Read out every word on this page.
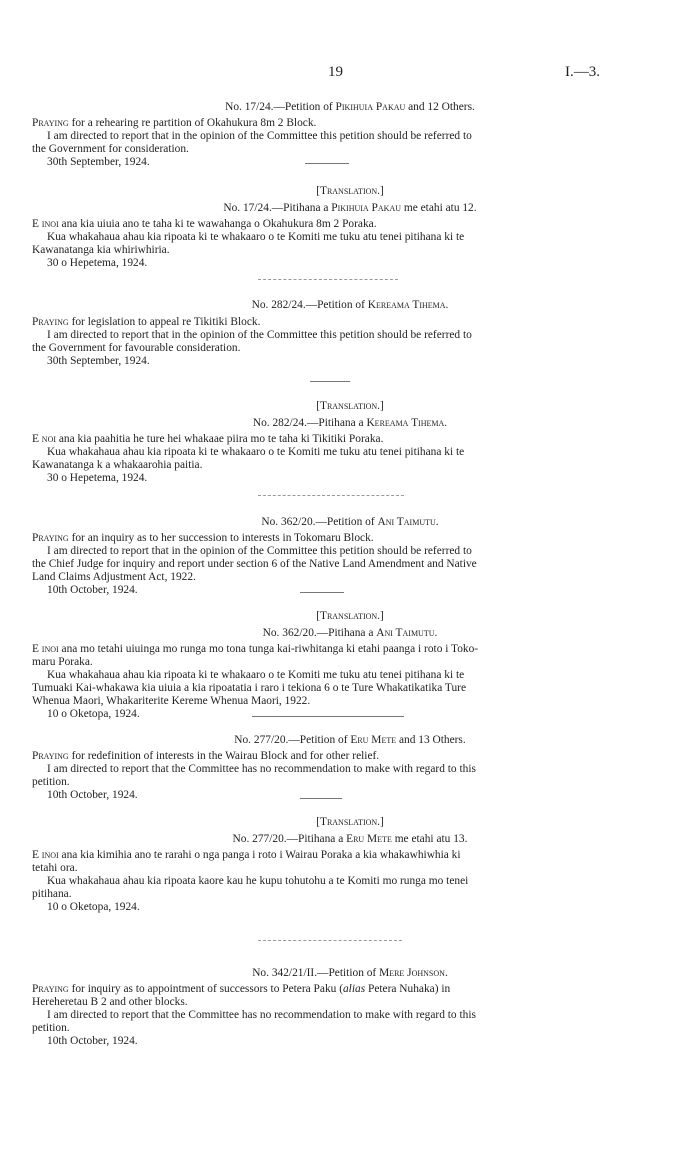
19	I.—3.
No. 17/24.—Petition of Pikihuia Pakau and 12 Others.
Praying for a rehearing re partition of Okahukura 8m 2 Block.
I am directed to report that in the opinion of the Committee this petition should be referred to
the Government for consideration.
30th September, 1924.
[Translation.]
No. 17/24.—Pitihana a Pikihuia Pakau me etahi atu 12.
E inoi ana kia uiuia ano te taha ki te wawahanga o Okahukura 8m 2 Poraka.
Kua whakahaua ahau kia ripoata ki te whakaaro o te Komiti me tuku atu tenei pitihana ki te
Kawanatanga kia whiriwhiria.
30 o Hepetema, 1924.
No. 282/24.—Petition of Kereama Tihema.
Praying for legislation to appeal re Tikitiki Block.
I am directed to report that in the opinion of the Committee this petition should be referred to
the Government for favourable consideration.
30th September, 1924.
[Translation.]
No. 282/24.—Pitihana a Kereama Tihema.
E noi ana kia paahitia he ture hei whakaae piira mo te taha ki Tikitiki Poraka.
Kua whakahaua ahau kia ripoata ki te whakaaro o te Komiti me tuku atu tenei pitihana ki te
Kawanatanga k a whakaarohia paitia.
30 o Hepetema, 1924.
No. 362/20.—Petition of Ani Taimutu.
Praying for an inquiry as to her succession to interests in Tokomaru Block.
I am directed to report that in the opinion of the Committee this petition should be referred to
the Chief Judge for inquiry and report under section 6 of the Native Land Amendment and Native
Land Claims Adjustment Act, 1922.
10th October, 1924.
[Translation.]
No. 362/20.—Pitihana a Ani Taimutu.
E inoi ana mo tetahi uiuinga mo runga mo tona tunga kai-riwhitanga ki etahi paanga i roto i Toko-
maru Poraka.
Kua whakahaua ahau kia ripoata ki te whakaaro o te Komiti me tuku atu tenei pitihana ki te
Tumuaki Kai-whakawa kia uiuia a kia ripoatatia i raro i tekiona 6 o te Ture Whakatikatika Ture
Whenua Maori, Whakariterite Kereme Whenua Maori, 1922.
10 o Oketopa, 1924.
No. 277/20.—Petition of Eru Mete and 13 Others.
Praying for redefinition of interests in the Wairau Block and for other relief.
I am directed to report that the Committee has no recommendation to make with regard to this
petition.
10th October, 1924.
[Translation.]
No. 277/20.—Pitihana a Eru Mete me etahi atu 13.
E inoi ana kia kimihia ano te rarahi o nga panga i roto i Wairau Poraka a kia whakawhiwhia ki
tetahi ora.
Kua whakahaua ahau kia ripoata kaore kau he kupu tohutohu a te Komiti mo runga mo tenei
pitihana.
10 o Oketopa, 1924.
No. 342/21/II.—Petition of Mere Johnson.
Praying for inquiry as to appointment of successors to Petera Paku (alias Petera Nuhaka) in
Hereheretau B 2 and other blocks.
I am directed to report that the Committee has no recommendation to make with regard to this
petition.
10th October, 1924.
